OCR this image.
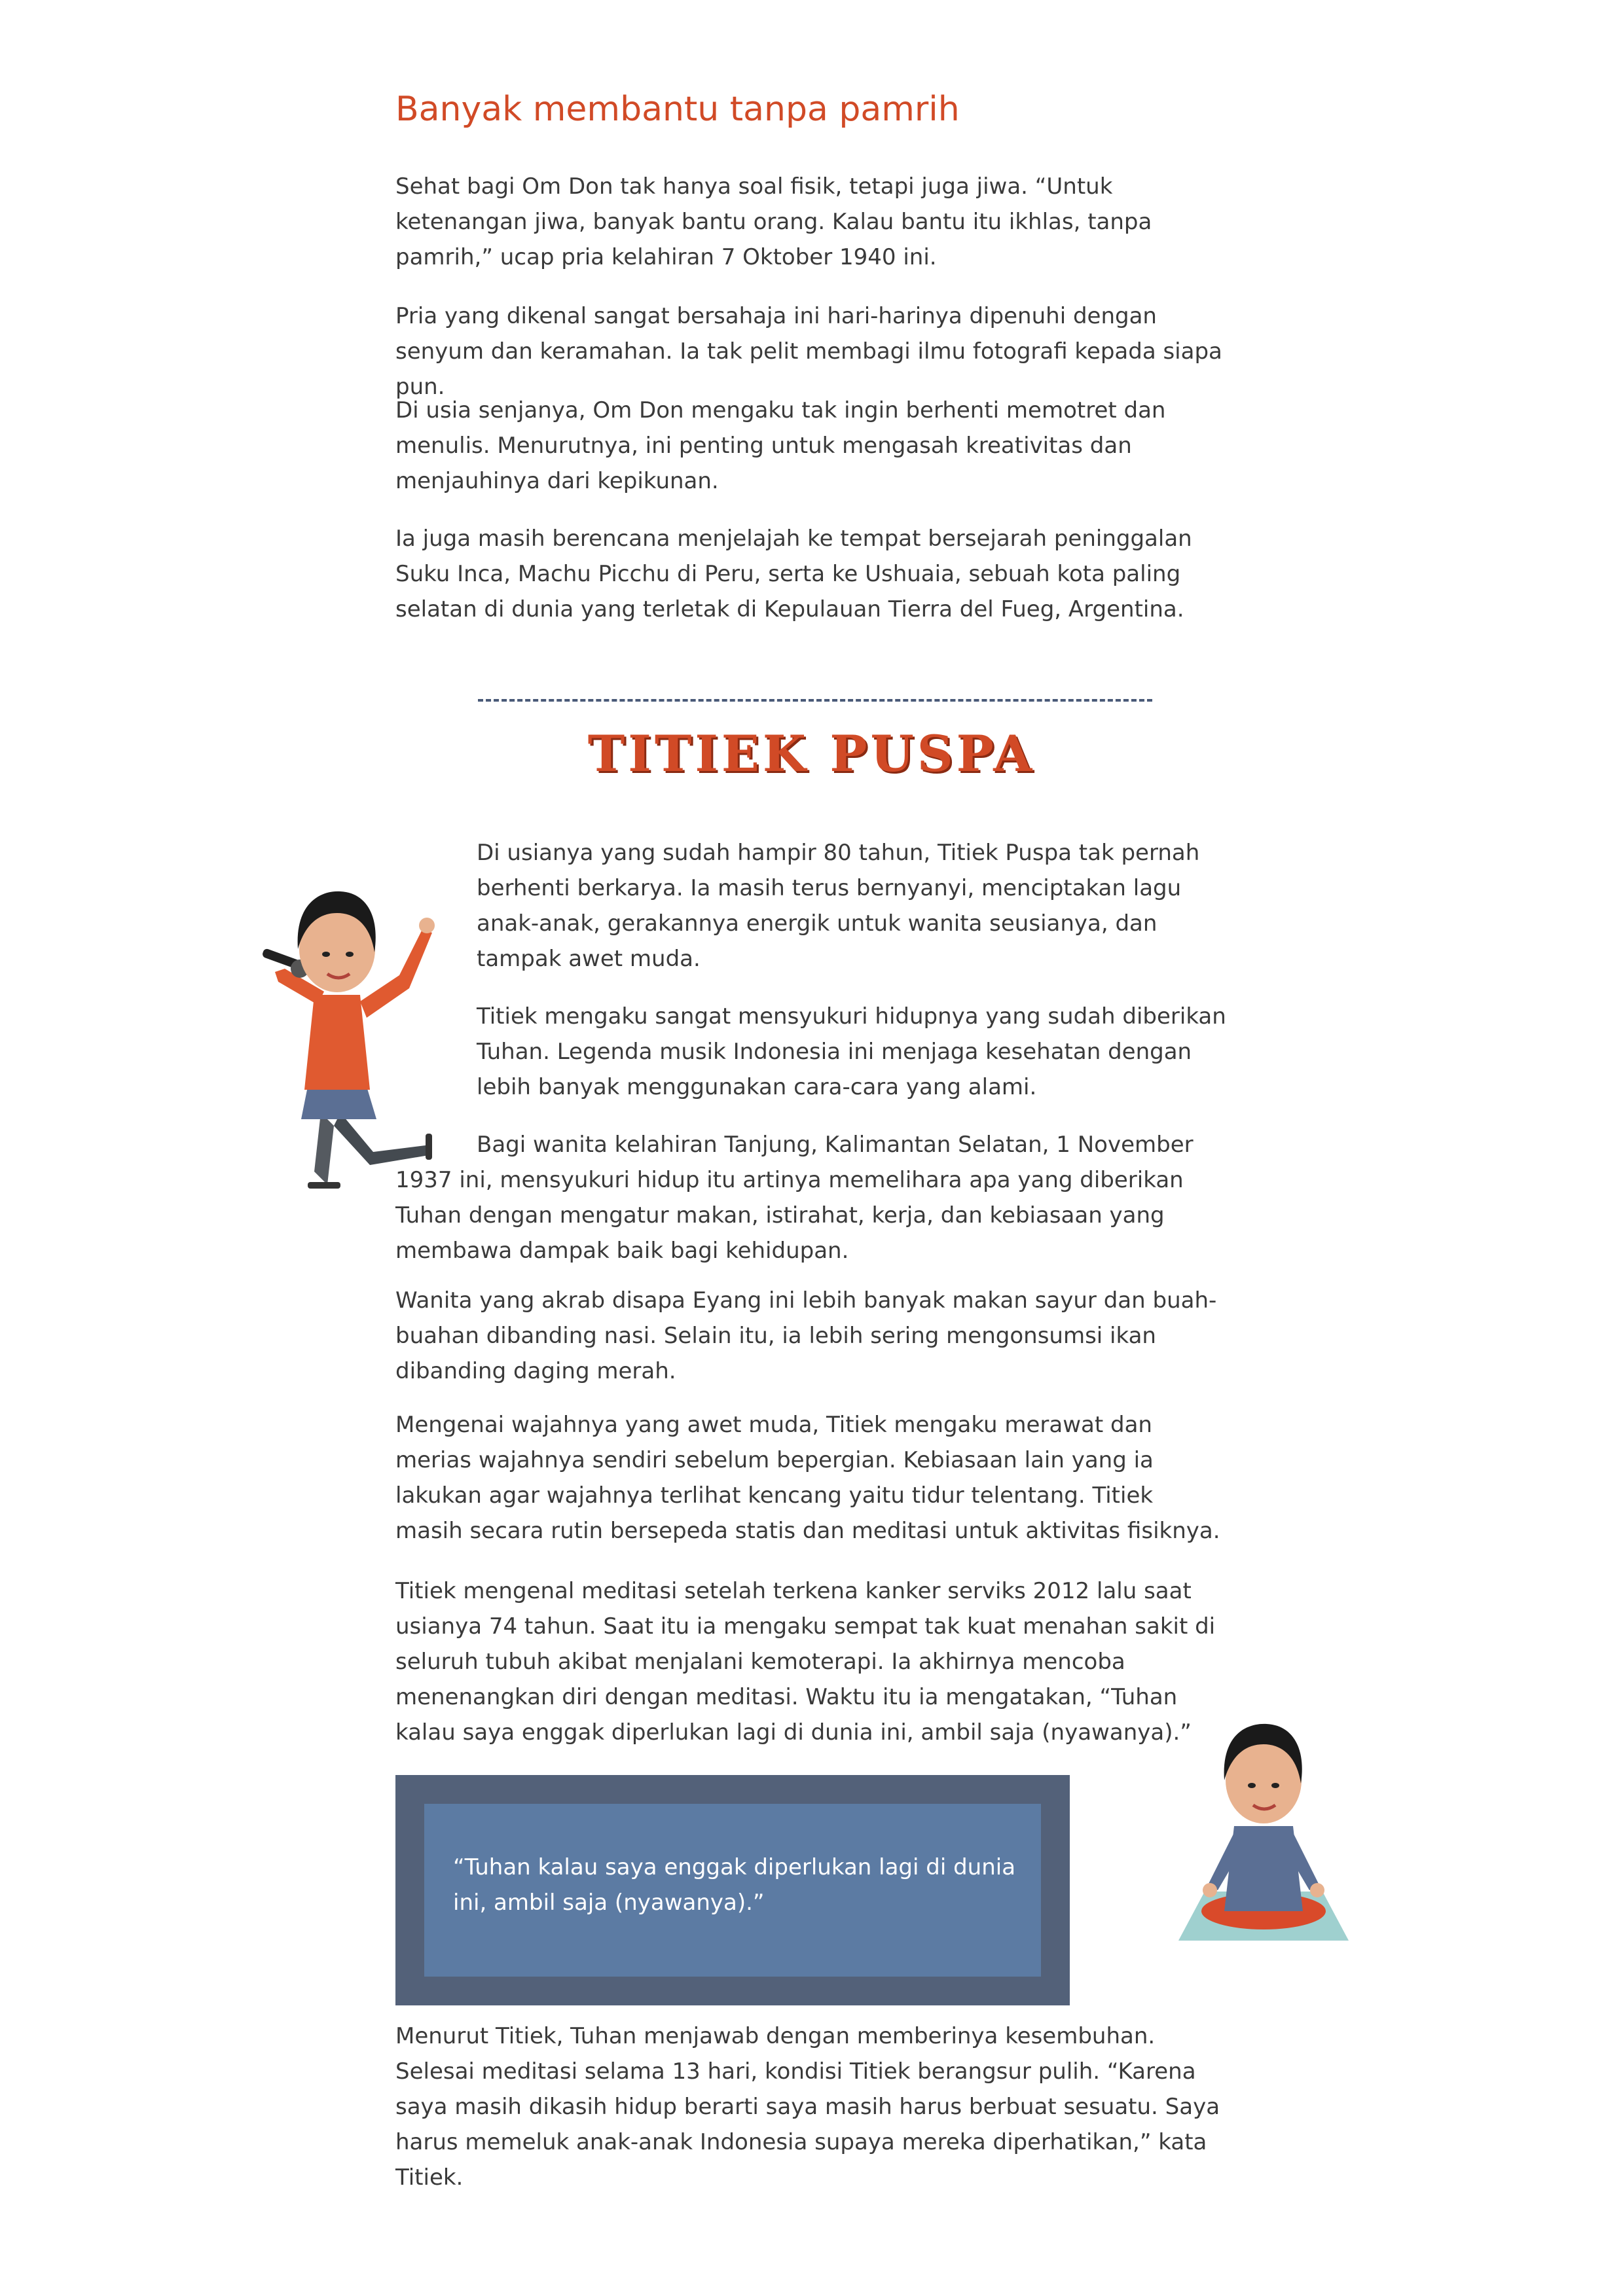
Banyak membantu tanpa pamrih

Sehat bagi Om Don tak hanya soal fisik, tetapi juga jiwa. “Untuk ketenangan jiwa, banyak bantu orang. Kalau bantu itu ikhlas, tanpa pamrih,” ucap pria kelahiran 7 Oktober 1940 ini.

Pria yang dikenal sangat bersahaja ini hari-harinya dipenuhi dengan senyum dan keramahan. Ia tak pelit membagi ilmu fotografi kepada siapa pun.

Di usia senjanya, Om Don mengaku tak ingin berhenti memotret dan menulis. Menurutnya, ini penting untuk mengasah kreativitas dan menjauhinya dari kepikunan.

Ia juga masih berencana menjelajah ke tempat bersejarah peninggalan Suku Inca, Machu Picchu di Peru, serta ke Ushuaia, sebuah kota paling selatan di dunia yang terletak di Kepulauan Tierra del Fueg, Argentina.

TITIEK PUSPA

Di usianya yang sudah hampir 80 tahun, Titiek Puspa tak pernah berhenti berkarya. Ia masih terus bernyanyi, menciptakan lagu anak-anak, gerakannya energik untuk wanita seusianya, dan tampak awet muda.

Titiek mengaku sangat mensyukuri hidupnya yang sudah diberikan Tuhan. Legenda musik Indonesia ini menjaga kesehatan dengan lebih banyak menggunakan cara-cara yang alami.

Bagi wanita kelahiran Tanjung, Kalimantan Selatan, 1 November 1937 ini, mensyukuri hidup itu artinya memelihara apa yang diberikan Tuhan dengan mengatur makan, istirahat, kerja, dan kebiasaan yang membawa dampak baik bagi kehidupan.

Wanita yang akrab disapa Eyang ini lebih banyak makan sayur dan buah-buahan dibanding nasi. Selain itu, ia lebih sering mengonsumsi ikan dibanding daging merah.

Mengenai wajahnya yang awet muda, Titiek mengaku merawat dan merias wajahnya sendiri sebelum bepergian. Kebiasaan lain yang ia lakukan agar wajahnya terlihat kencang yaitu tidur telentang. Titiek masih secara rutin bersepeda statis dan meditasi untuk aktivitas fisiknya.

Titiek mengenal meditasi setelah terkena kanker serviks 2012 lalu saat usianya 74 tahun. Saat itu ia mengaku sempat tak kuat menahan sakit di seluruh tubuh akibat menjalani kemoterapi. Ia akhirnya mencoba menenangkan diri dengan meditasi. Waktu itu ia mengatakan, “Tuhan kalau saya enggak diperlukan lagi di dunia ini, ambil saja (nyawanya).”

“Tuhan kalau saya enggak diperlukan lagi di dunia ini, ambil saja (nyawanya).”

Menurut Titiek, Tuhan menjawab dengan memberinya kesembuhan. Selesai meditasi selama 13 hari, kondisi Titiek berangsur pulih. “Karena saya masih dikasih hidup berarti saya masih harus berbuat sesuatu. Saya harus memeluk anak-anak Indonesia supaya mereka diperhatikan,” kata Titiek.
